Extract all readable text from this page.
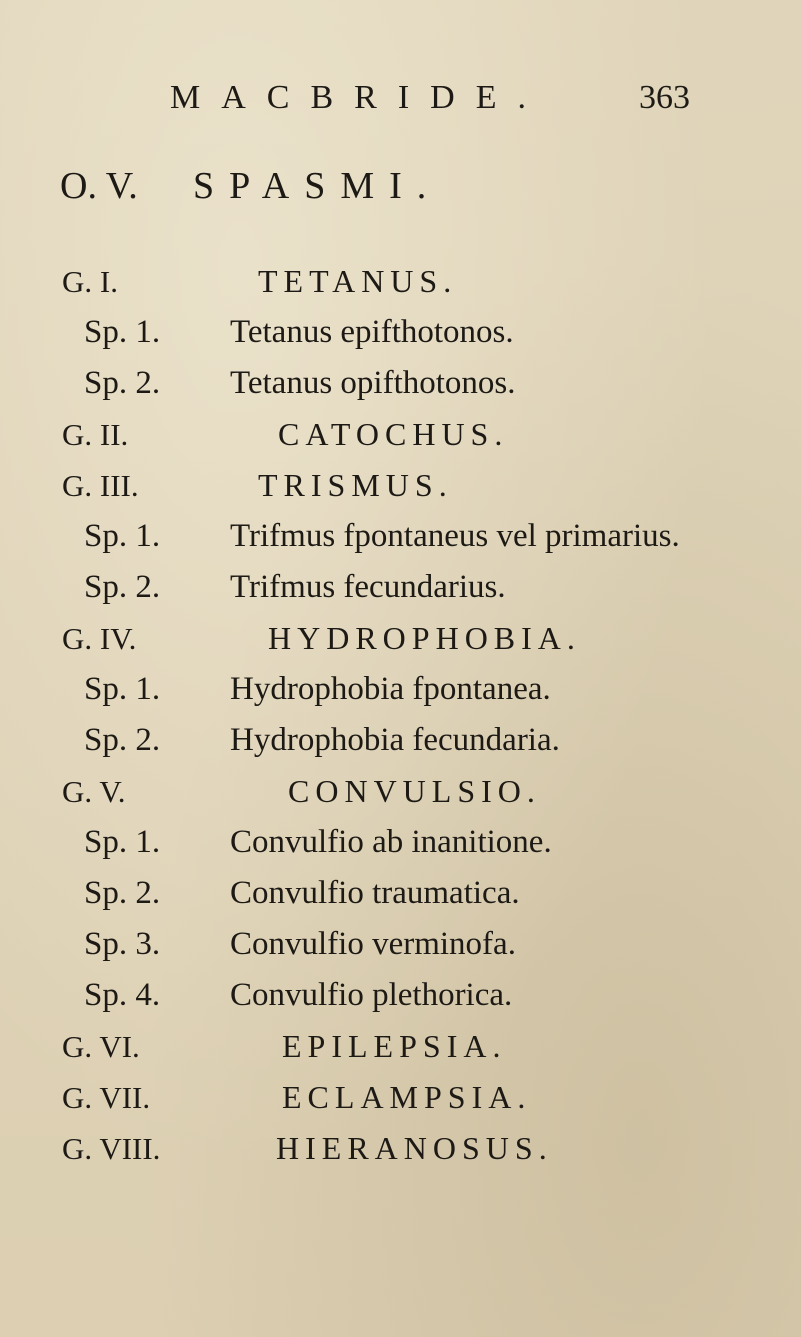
MACBRIDE.	363
O. V. SPASMI.
G. I.	TETANUS.
Sp. 1. Tetanus epifthotonos.
Sp. 2. Tetanus opifthotonos.
G. II.	CATOCHUS.
G. III.	TRISMUS.
Sp. 1. Trifmus fpontaneus vel primarius.
Sp. 2. Trifmus fecundarius.
G. IV.	HYDROPHOBIA.
Sp. 1. Hydrophobia fpontanea.
Sp. 2. Hydrophobia fecundaria.
G. V.	CONVULSIO.
Sp. 1. Convulfio ab inanitione.
Sp. 2. Convulfio traumatica.
Sp. 3. Convulfio verminofa.
Sp. 4. Convulfio plethorica.
G. VI.	EPILEPSIA.
G. VII.	ECLAMPSIA.
G. VIII.	HIERANOSUS.
